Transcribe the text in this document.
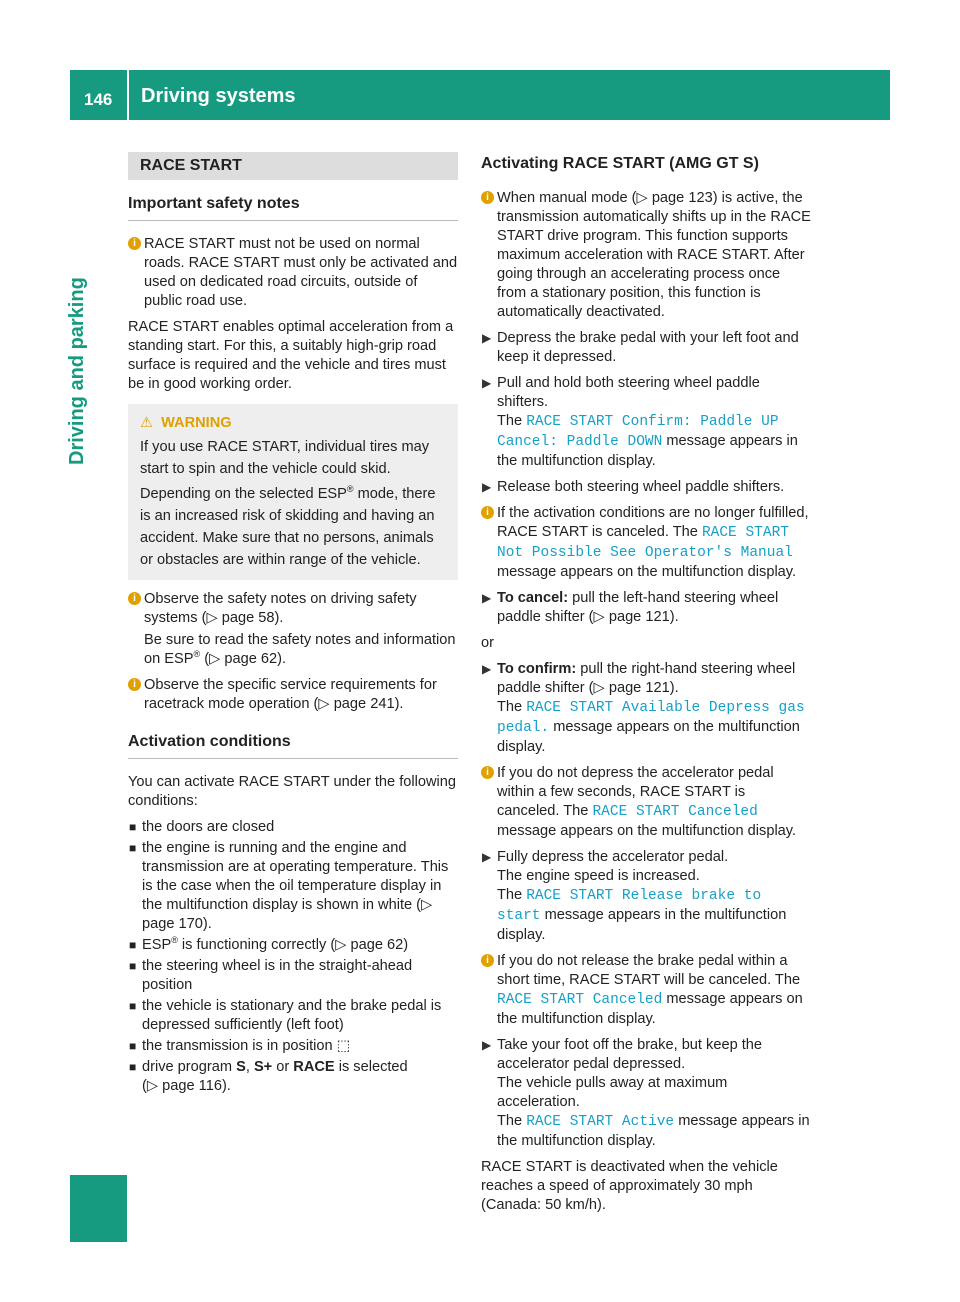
146 Driving systems
Driving and parking
RACE START
Important safety notes
i RACE START must not be used on normal roads. RACE START must only be activated and used on dedicated road circuits, outside of public road use.

RACE START enables optimal acceleration from a standing start. For this, a suitably high-grip road surface is required and the vehicle and tires must be in good working order.

⚠ WARNING
If you use RACE START, individual tires may start to spin and the vehicle could skid.
Depending on the selected ESP® mode, there is an increased risk of skidding and having an accident. Make sure that no persons, animals or obstacles are within range of the vehicle.
i Observe the safety notes on driving safety systems (▷ page 58).
Be sure to read the safety notes and information on ESP® (▷ page 62).
i Observe the specific service requirements for racetrack mode operation (▷ page 241).
Activation conditions

You can activate RACE START under the following conditions:

■ the doors are closed
■ the engine is running and the engine and transmission are at operating temperature. This is the case when the oil temperature display in the multifunction display is shown in white (▷ page 170).
■ ESP® is functioning correctly (▷ page 62)
■ the steering wheel is in the straight-ahead position
■ the vehicle is stationary and the brake pedal is depressed sufficiently (left foot)
■ the transmission is in position ⬚
■ drive program S, S+ or RACE is selected
(▷ page 116).
Activating RACE START (AMG GT S)
i When manual mode (▷ page 123) is active, the transmission automatically shifts up in the RACE START drive program. This function supports maximum acceleration with RACE START. After going through an accelerating process once from a stationary position, this function is automatically deactivated.
▶ Depress the brake pedal with your left foot and keep it depressed.
▶ Pull and hold both steering wheel paddle shifters.
The RACE START Confirm: Paddle UP Cancel: Paddle DOWN message appears in the multifunction display.
▶ Release both steering wheel paddle shifters.
i If the activation conditions are no longer fulfilled, RACE START is canceled. The RACE START Not Possible See Operator's Manual message appears on the multifunction display.
▶ To cancel: pull the left-hand steering wheel paddle shifter (▷ page 121).

or

▶ To confirm: pull the right-hand steering wheel paddle shifter (▷ page 121).
The RACE START Available Depress gas pedal. message appears on the multifunction display.
i If you do not depress the accelerator pedal within a few seconds, RACE START is canceled. The RACE START Canceled message appears on the multifunction display.
▶ Fully depress the accelerator pedal.
The engine speed is increased.
The RACE START Release brake to start message appears in the multifunction display.
i If you do not release the brake pedal within a short time, RACE START will be canceled. The RACE START Canceled message appears on the multifunction display.
▶ Take your foot off the brake, but keep the accelerator pedal depressed.
The vehicle pulls away at maximum acceleration.
The RACE START Active message appears in the multifunction display.

RACE START is deactivated when the vehicle reaches a speed of approximately 30 mph (Canada: 50 km/h).
